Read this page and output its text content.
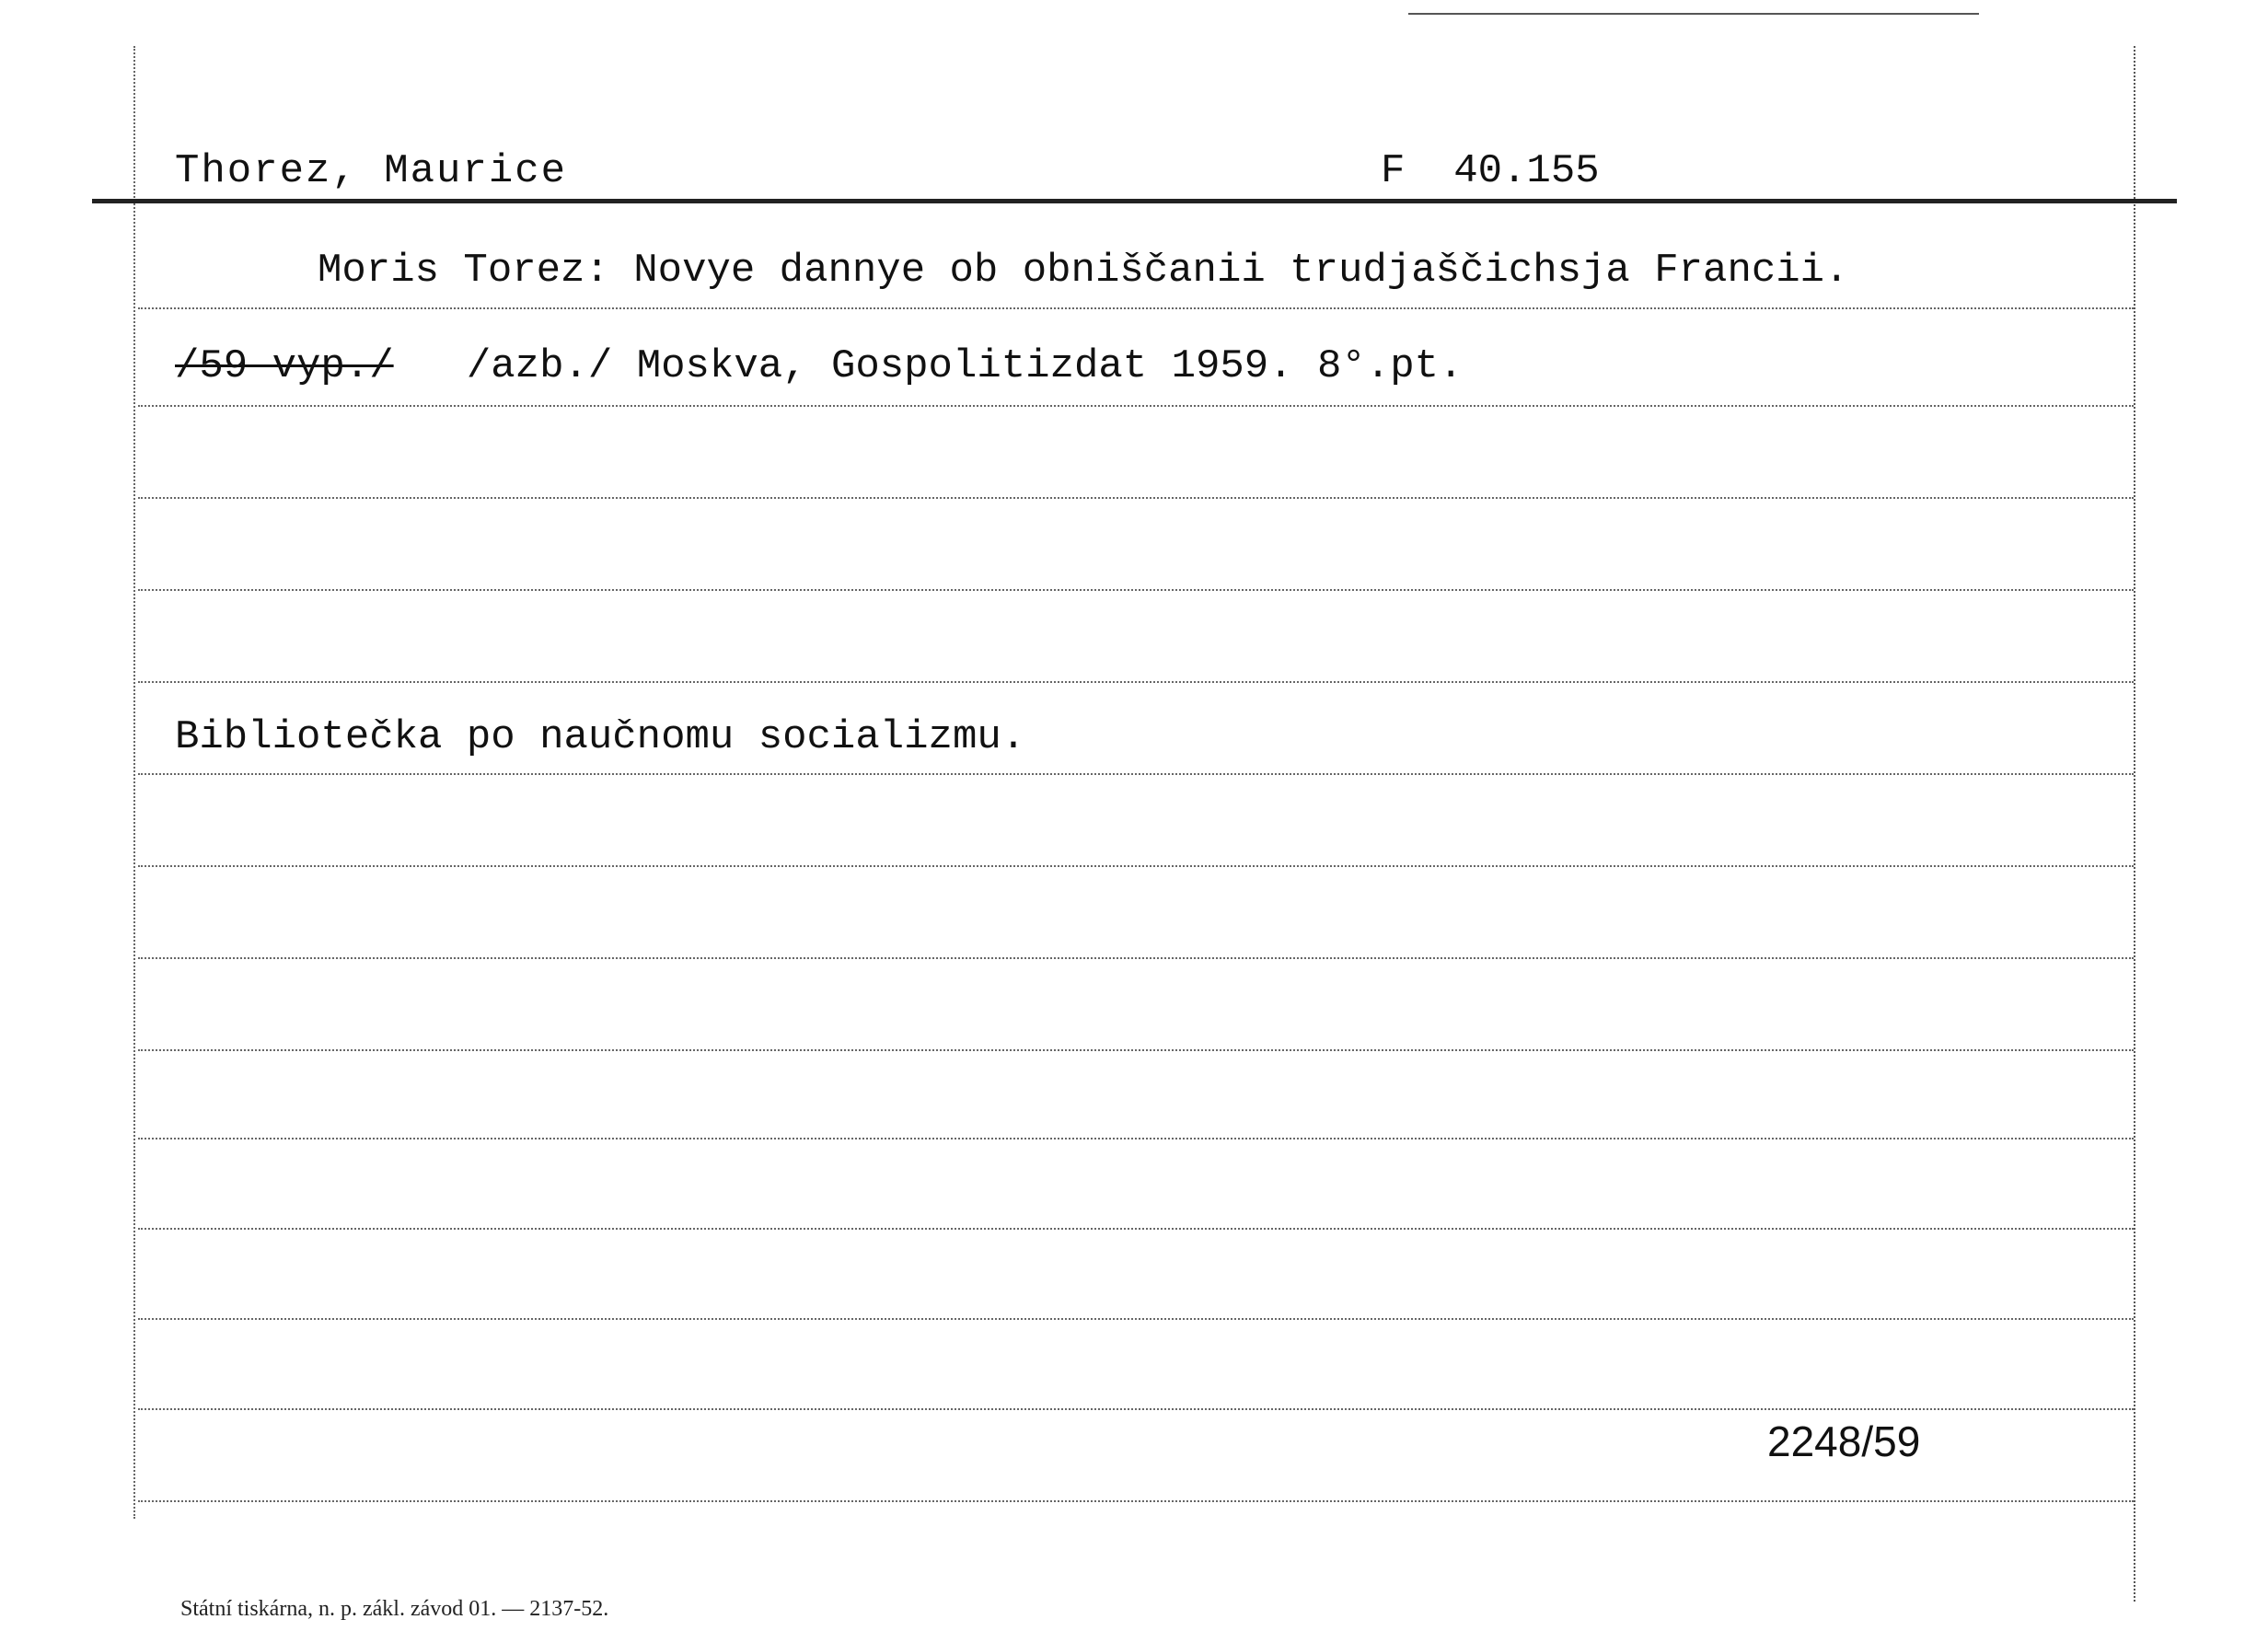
Thorez, Maurice	F  40.155
Moris Torez: Novye dannye ob obniščanii trudjaščichsja Francii.
/59 vyp./ /azb./ Moskva, Gospolitizdat 1959. 8°.pt.
Bibliotečka po naučnomu socializmu.
2248/59
Státní tiskárna, n. p. zákl. závod 01. — 2137-52.
